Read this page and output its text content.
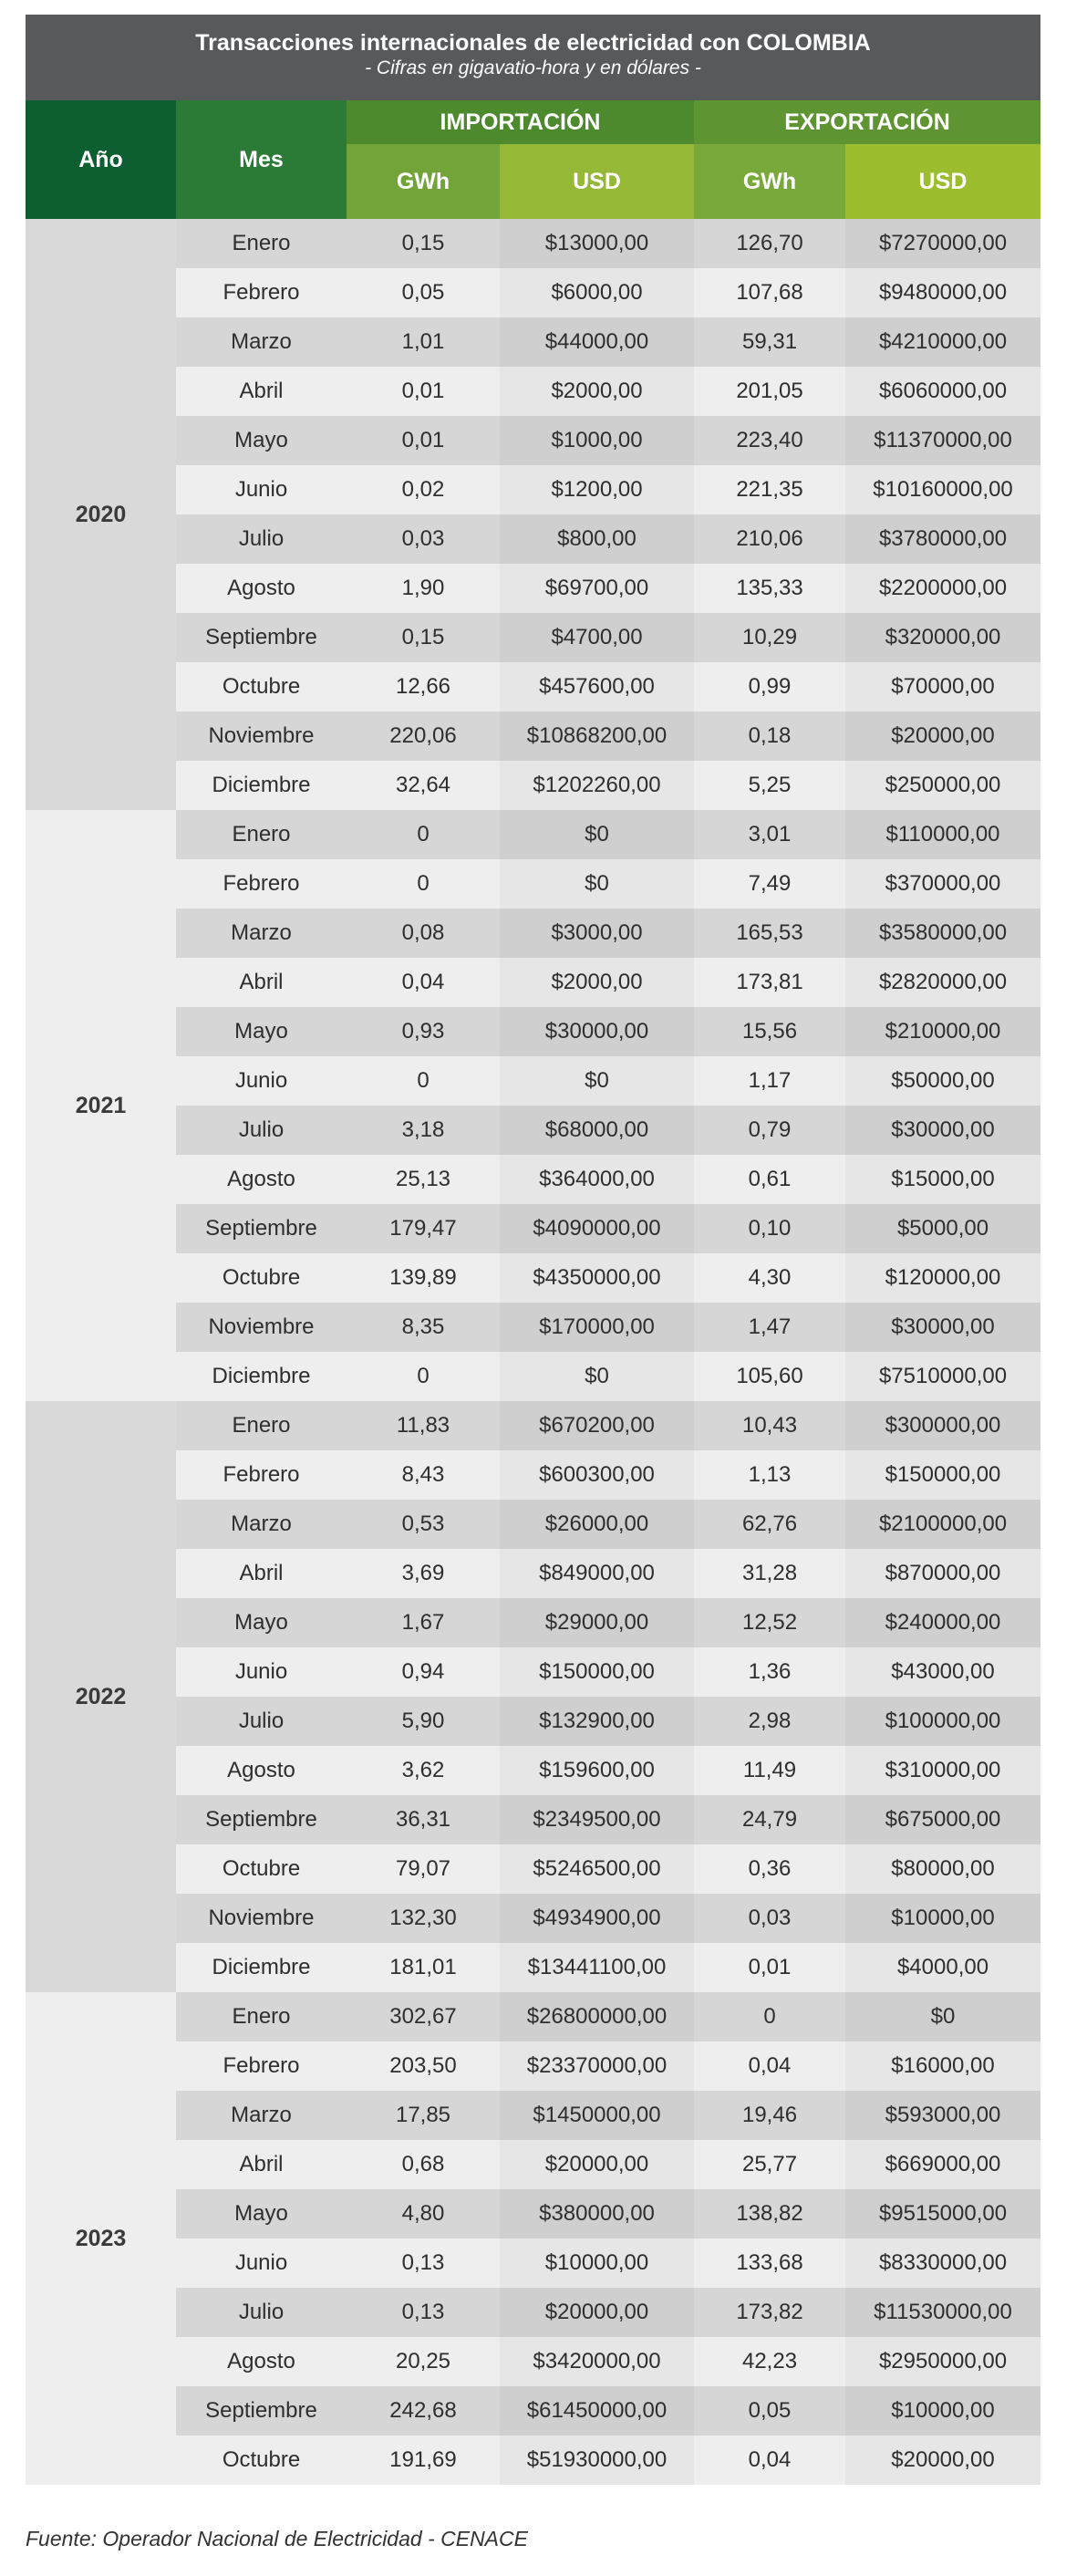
Transacciones internacionales de electricidad con COLOMBIA
- Cifras en gigavatio-hora y en dólares -
Año	Mes	IMPORTACIÓN		EXPORTACIÓN	
		GWh	USD	GWh	USD
2020	Enero	0,15	$13000,00	126,70	$7270000,00
	Febrero	0,05	$6000,00	107,68	$9480000,00
	Marzo	1,01	$44000,00	59,31	$4210000,00
	Abril	0,01	$2000,00	201,05	$6060000,00
	Mayo	0,01	$1000,00	223,40	$11370000,00
	Junio	0,02	$1200,00	221,35	$10160000,00
	Julio	0,03	$800,00	210,06	$3780000,00
	Agosto	1,90	$69700,00	135,33	$2200000,00
	Septiembre	0,15	$4700,00	10,29	$320000,00
	Octubre	12,66	$457600,00	0,99	$70000,00
	Noviembre	220,06	$10868200,00	0,18	$20000,00
	Diciembre	32,64	$1202260,00	5,25	$250000,00
2021	Enero	0	$0	3,01	$110000,00
	Febrero	0	$0	7,49	$370000,00
	Marzo	0,08	$3000,00	165,53	$3580000,00
	Abril	0,04	$2000,00	173,81	$2820000,00
	Mayo	0,93	$30000,00	15,56	$210000,00
	Junio	0	$0	1,17	$50000,00
	Julio	3,18	$68000,00	0,79	$30000,00
	Agosto	25,13	$364000,00	0,61	$15000,00
	Septiembre	179,47	$4090000,00	0,10	$5000,00
	Octubre	139,89	$4350000,00	4,30	$120000,00
	Noviembre	8,35	$170000,00	1,47	$30000,00
	Diciembre	0	$0	105,60	$7510000,00
2022	Enero	11,83	$670200,00	10,43	$300000,00
	Febrero	8,43	$600300,00	1,13	$150000,00
	Marzo	0,53	$26000,00	62,76	$2100000,00
	Abril	3,69	$849000,00	31,28	$870000,00
	Mayo	1,67	$29000,00	12,52	$240000,00
	Junio	0,94	$150000,00	1,36	$43000,00
	Julio	5,90	$132900,00	2,98	$100000,00
	Agosto	3,62	$159600,00	11,49	$310000,00
	Septiembre	36,31	$2349500,00	24,79	$675000,00
	Octubre	79,07	$5246500,00	0,36	$80000,00
	Noviembre	132,30	$4934900,00	0,03	$10000,00
	Diciembre	181,01	$13441100,00	0,01	$4000,00
2023	Enero	302,67	$26800000,00	0	$0
	Febrero	203,50	$23370000,00	0,04	$16000,00
	Marzo	17,85	$1450000,00	19,46	$593000,00
	Abril	0,68	$20000,00	25,77	$669000,00
	Mayo	4,80	$380000,00	138,82	$9515000,00
	Junio	0,13	$10000,00	133,68	$8330000,00
	Julio	0,13	$20000,00	173,82	$11530000,00
	Agosto	20,25	$3420000,00	42,23	$2950000,00
	Septiembre	242,68	$61450000,00	0,05	$10000,00
	Octubre	191,69	$51930000,00	0,04	$20000,00
Fuente: Operador Nacional de Electricidad - CENACE
